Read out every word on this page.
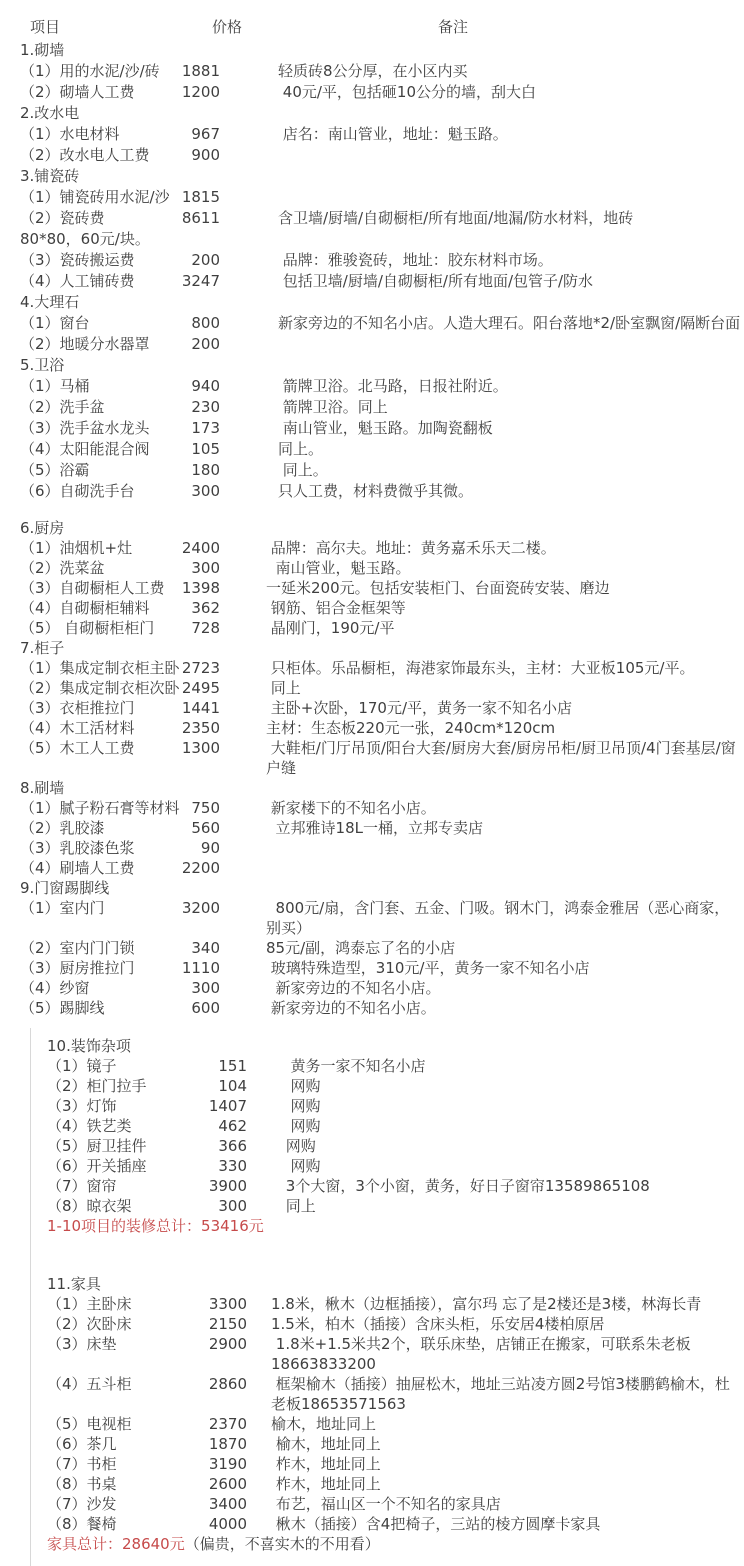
项目	价格	备注
1.砌墙
（1）用的水泥/沙/砖	1881	轻质砖8公分厚，在小区内买
（2）砌墙人工费	1200	40元/平，包括砸10公分的墙，刮大白
2.改水电
（1）水电材料	967	店名：南山管业，地址：魁玉路。
（2）改水电人工费	900
3.铺瓷砖
（1）铺瓷砖用水泥/沙 1815
（2）瓷砖费	8611	含卫墙/厨墙/自砌橱柜/所有地面/地漏/防水材料，地砖
80*80，60元/块。
（3）瓷砖搬运费	200	品牌：雅骏瓷砖，地址：胶东材料市场。
（4）人工铺砖费	3247	包括卫墙/厨墙/自砌橱柜/所有地面/包管子/防水
4.大理石
（1）窗台	800	新家旁边的不知名小店。人造大理石。阳台落地*2/卧室飘窗/隔断台面
（2）地暖分水器罩	200
5.卫浴
（1）马桶	940	箭牌卫浴。北马路，日报社附近。
（2）洗手盆	230	箭牌卫浴。同上
（3）洗手盆水龙头	173	南山管业，魁玉路。加陶瓷翻板
（4）太阳能混合阀	105	同上。
（5）浴霸	180	同上。
（6）自砌洗手台	300	只人工费，材料费微乎其微。
6.厨房
（1）油烟机+灶	2400	品牌：高尔夫。地址：黄务嘉禾乐天二楼。
（2）洗菜盆	300	南山管业，魁玉路。
（3）自砌橱柜人工费	1398	一延米200元。包括安装柜门、台面瓷砖安装、磨边
（4）自砌橱柜辅料	362	钢筋、铝合金框架等
（5） 自砌橱柜柜门	728	晶刚门，190元/平
7.柜子
（1）集成定制衣柜主卧 2723	只柜体。乐品橱柜，海港家饰最东头，主材：大亚板105元/平。
（2）集成定制衣柜次卧 2495	同上
（3）衣柜推拉门	1441	主卧+次卧，170元/平，黄务一家不知名小店
（4）木工活材料	2350	主材：生态板220元一张，240cm*120cm
（5）木工人工费	1300	大鞋柜/门厅吊顶/阳台大套/厨房大套/厨房吊柜/厨卫吊顶/4门套基层/窗户缝
8.刷墙
（1）腻子粉石膏等材料 750	新家楼下的不知名小店。
（2）乳胶漆	560	立邦雅诗18L一桶，立邦专卖店
（3）乳胶漆色浆	90
（4）刷墙人工费	2200
9.门窗踢脚线
（1）室内门	3200	800元/扇，含门套、五金、门吸。钢木门，鸿泰金雅居（恶心商家，别买）
（2）室内门门锁	340	85元/副，鸿泰忘了名的小店
（3）厨房推拉门	1110	玻璃特殊造型，310元/平，黄务一家不知名小店
（4）纱窗	300	新家旁边的不知名小店。
（5）踢脚线	600	新家旁边的不知名小店。
10.装饰杂项
（1）镜子	151	黄务一家不知名小店
（2）柜门拉手	104	网购
（3）灯饰	1407	网购
（4）铁艺类	462	网购
（5）厨卫挂件	366	网购
（6）开关插座	330	网购
（7）窗帘	3900	3个大窗，3个小窗，黄务，好日子窗帘13589865108
（8）晾衣架	300	同上
1-10项目的装修总计：53416元
11.家具
（1）主卧床	3300	1.8米，楸木（边框插接），富尔玛 忘了是2楼还是3楼，林海长青
（2）次卧床	2150	1.5米，柏木（插接）含床头柜，乐安居4楼柏原居
（3）床垫	2900	1.8米+1.5米共2个，联乐床垫，店铺正在搬家，可联系朱老板18663833200
（4）五斗柜	2860	框架榆木（插接）抽屉松木，地址三站凌方圆2号馆3楼鹏鹤榆木，杜老板18653571563
（5）电视柜	2370	榆木，地址同上
（6）茶几	1870	榆木，地址同上
（7）书柜	3190	柞木，地址同上
（8）书桌	2600	柞木，地址同上
（7）沙发	3400	布艺，福山区一个不知名的家具店
（8）餐椅	4000	楸木（插接）含4把椅子，三站的棱方圆摩卡家具
家具总计：28640元（偏贵，不喜实木的不用看）
